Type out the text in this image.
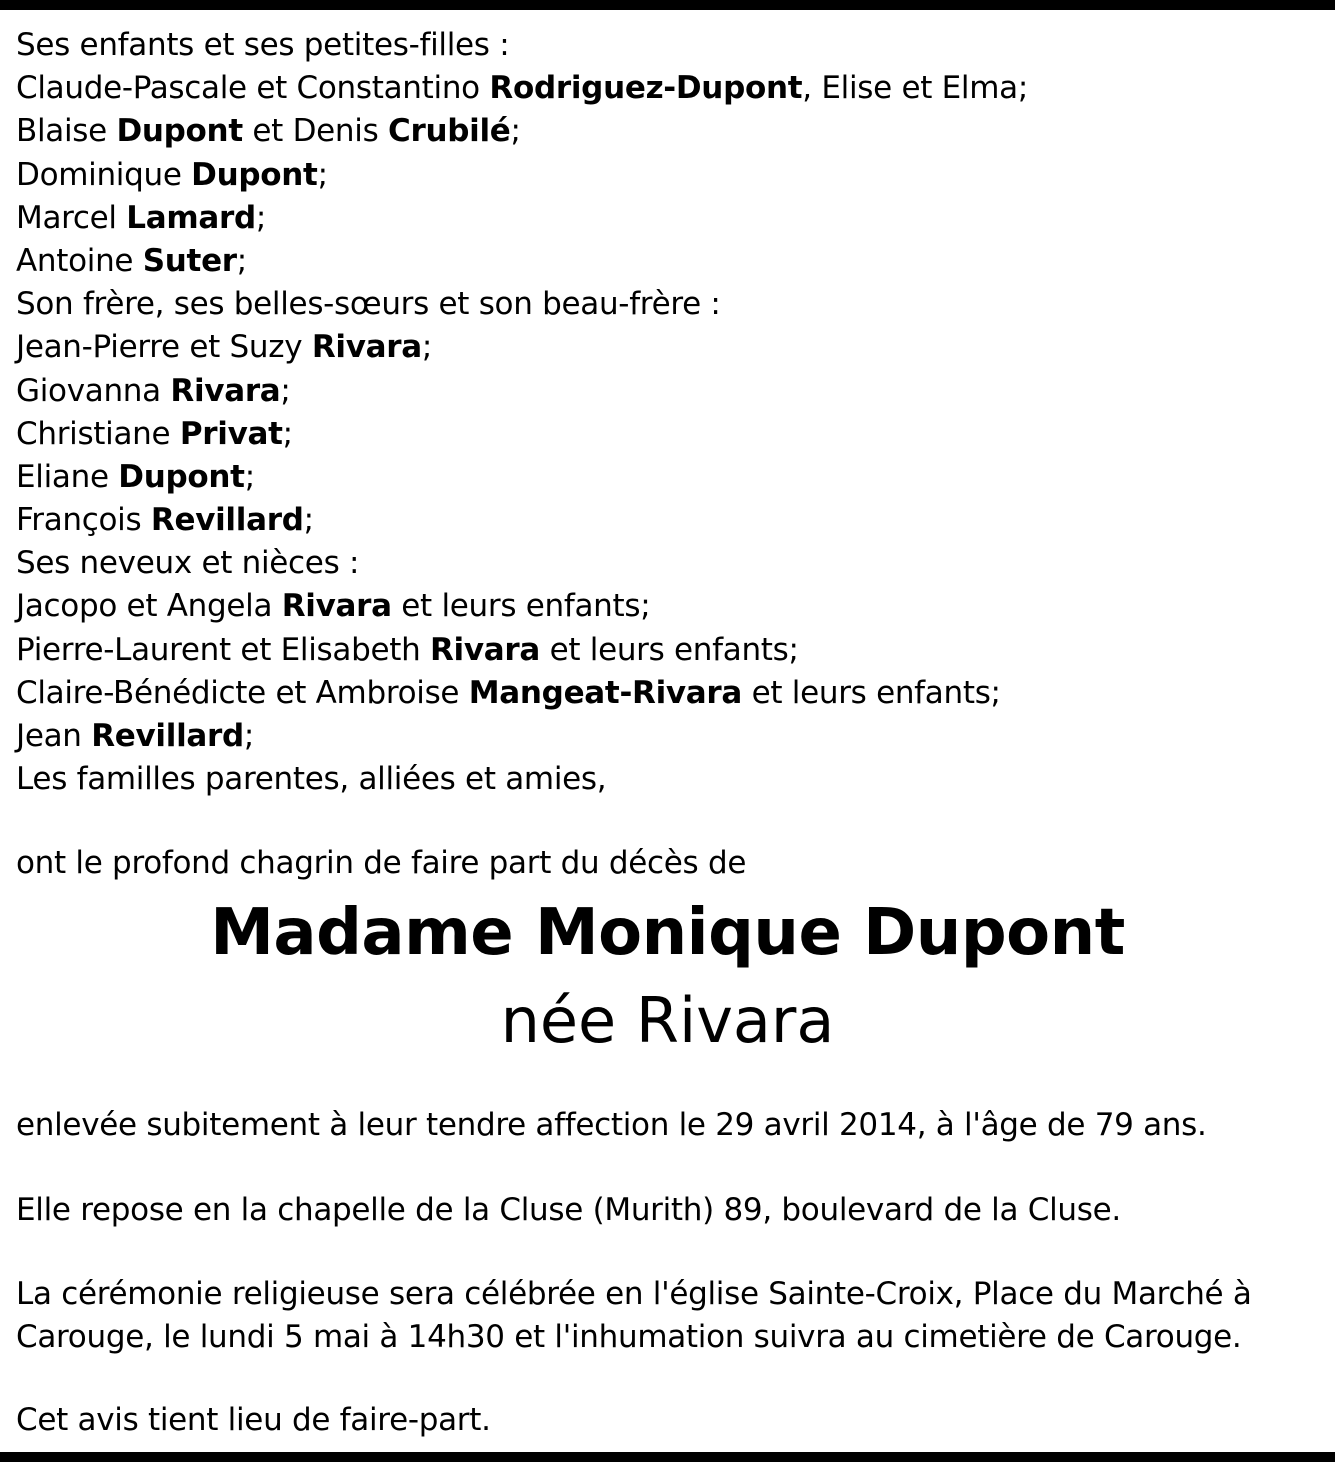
Ses enfants et ses petites-filles :
Claude-Pascale et Constantino Rodriguez-Dupont, Elise et Elma;
Blaise Dupont et Denis Crubilé;
Dominique Dupont;
Marcel Lamard;
Antoine Suter;
Son frère, ses belles-sœurs et son beau-frère :
Jean-Pierre et Suzy Rivara;
Giovanna Rivara;
Christiane Privat;
Eliane Dupont;
François Revillard;
Ses neveux et nièces :
Jacopo et Angela Rivara et leurs enfants;
Pierre-Laurent et Elisabeth Rivara et leurs enfants;
Claire-Bénédicte et Ambroise Mangeat-Rivara et leurs enfants;
Jean Revillard;
Les familles parentes, alliées et amies,
ont le profond chagrin de faire part du décès de
Madame Monique Dupont
née Rivara
enlevée subitement à leur tendre affection le 29 avril 2014, à l'âge de 79 ans.
Elle repose en la chapelle de la Cluse (Murith) 89, boulevard de la Cluse.
La cérémonie religieuse sera célébrée en l'église Sainte-Croix, Place du Marché à
Carouge, le lundi 5 mai à 14h30 et l'inhumation suivra au cimetière de Carouge.
Cet avis tient lieu de faire-part.
